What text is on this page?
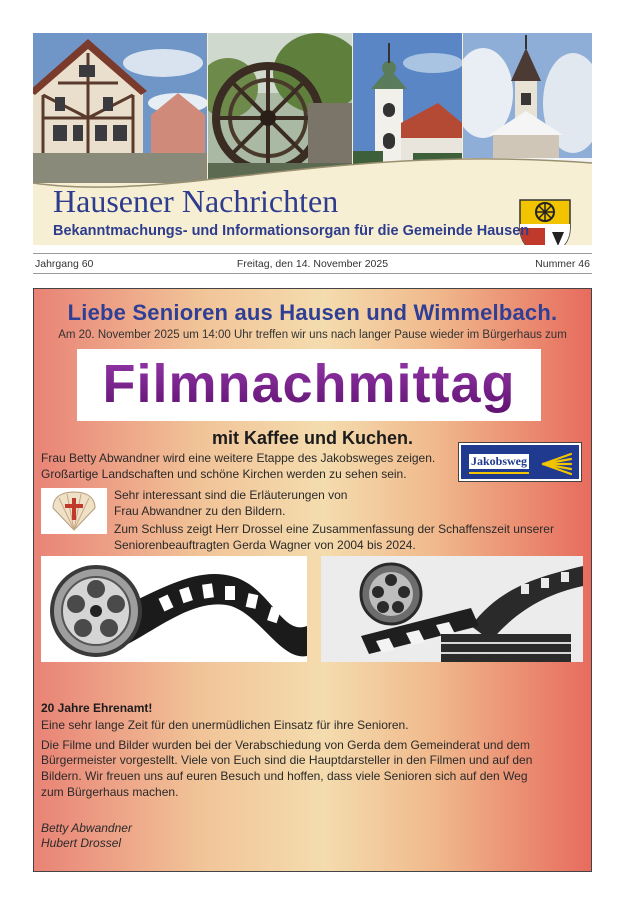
Hausener Nachrichten
Bekanntmachungs- und Informationsorgan für die Gemeinde Hausen
Jahrgang 60	Freitag, den 14. November 2025	Nummer 46
Liebe Senioren aus Hausen und Wimmelbach.
Am 20. November 2025 um 14:00 Uhr treffen wir uns nach langer Pause wieder im Bürgerhaus zum
Filmnachmittag
mit Kaffee und Kuchen.
Jakobsweg
Frau Betty Abwandner wird eine weitere Etappe des Jakobsweges zeigen.
Großartige Landschaften und schöne Kirchen werden zu sehen sein.
Sehr interessant sind die Erläuterungen von
Frau Abwandner zu den Bildern.
Zum Schluss zeigt Herr Drossel eine Zusammenfassung der Schaffenszeit unserer
Seniorenbeauftragten Gerda Wagner von 2004 bis 2024.
20 Jahre Ehrenamt!
Eine sehr lange Zeit für den unermüdlichen Einsatz für ihre Senioren.
Die Filme und Bilder wurden bei der Verabschiedung von Gerda dem Gemeinderat und dem
Bürgermeister vorgestellt. Viele von Euch sind die Hauptdarsteller in den Filmen und auf den
Bildern. Wir freuen uns auf euren Besuch und hoffen, dass viele Senioren sich auf den Weg
zum Bürgerhaus machen.
Betty Abwandner
Hubert Drossel
